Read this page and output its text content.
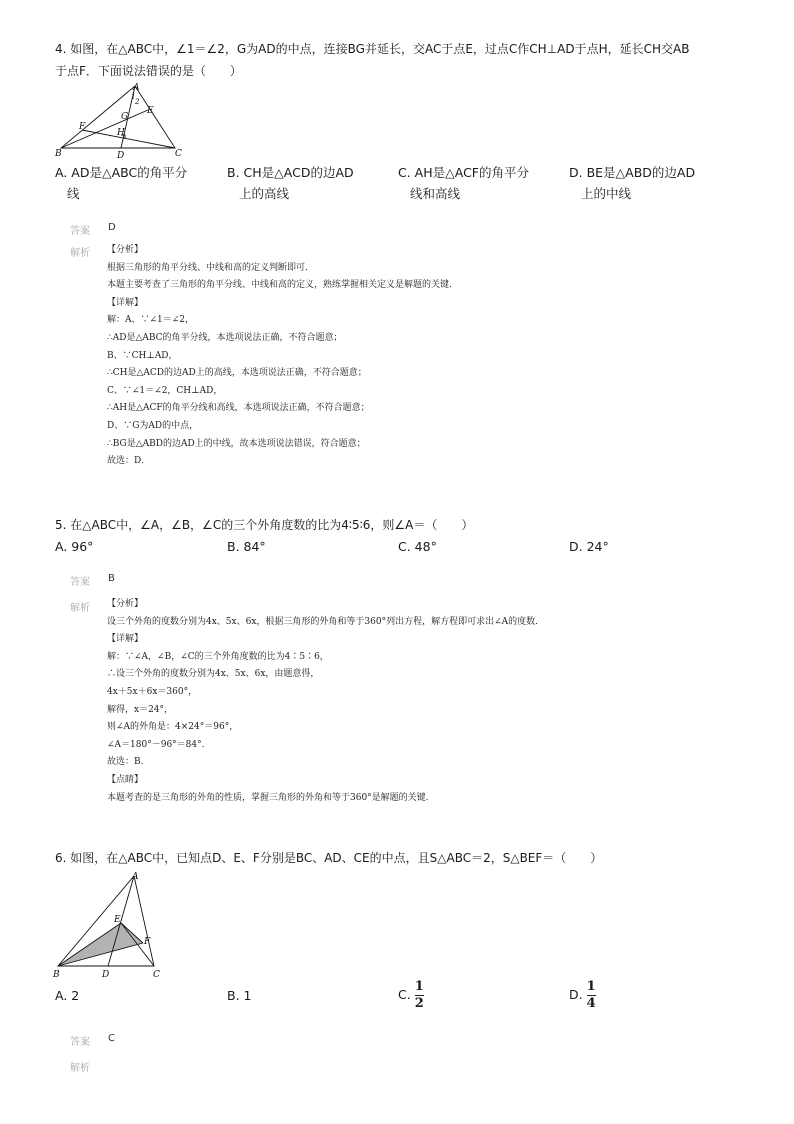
4. 如图，在△ABC中，∠1＝∠2，G为AD的中点，连接BG并延长，交AC于点E，过点C作CH⊥AD于点H，延长CH交AB
于点F．下面说法错误的是（　　）
A
B	C
D
E
F
G
H
1
2
A. AD是△ABC的角平分
线
B. CH是△ACD的边AD
上的高线
C. AH是△ACF的角平分
线和高线
D. BE是△ABD的边AD
上的中线
答案 D
解析 【分析】
根据三角形的角平分线、中线和高的定义判断即可．
本题主要考查了三角形的角平分线、中线和高的定义，熟练掌握相关定义是解题的关键．
【详解】
解：A、∵∠1＝∠2，
∴AD是△ABC的角平分线，本选项说法正确，不符合题意；
B、∵CH⊥AD，
∴CH是△ACD的边AD上的高线，本选项说法正确，不符合题意；
C、∵∠1＝∠2，CH⊥AD，
∴AH是△ACF的角平分线和高线，本选项说法正确，不符合题意；
D、∵G为AD的中点，
∴BG是△ABD的边AD上的中线，故本选项说法错误，符合题意；
故选：D．
5. 在△ABC中，∠A，∠B，∠C的三个外角度数的比为4∶5∶6，则∠A＝（　　）
A. 96°	B. 84°	C. 48°	D. 24°
答案 B
解析 【分析】
设三个外角的度数分别为4x、5x、6x，根据三角形的外角和等于360°列出方程，解方程即可求出∠A的度数．
【详解】
解：∵∠A，∠B，∠C的三个外角度数的比为4∶5∶6，
∴设三个外角的度数分别为4x、5x、6x，由题意得，
4x＋5x＋6x＝360°，
解得，x＝24°，
则∠A的外角是：4×24°＝96°，
∠A＝180°－96°＝84°．
故选：B．
【点睛】
本题考查的是三角形的外角的性质，掌握三角形的外角和等于360°是解题的关键．
6. 如图，在△ABC中，已知点D、E、F分别是BC、AD、CE的中点，且S△ABC＝2，S△BEF＝（　　）
A
B	C
D
E
F
A. 2	B. 1	C. $\frac{1}{2}$	D. $\frac{1}{4}$
答案 C
解析
